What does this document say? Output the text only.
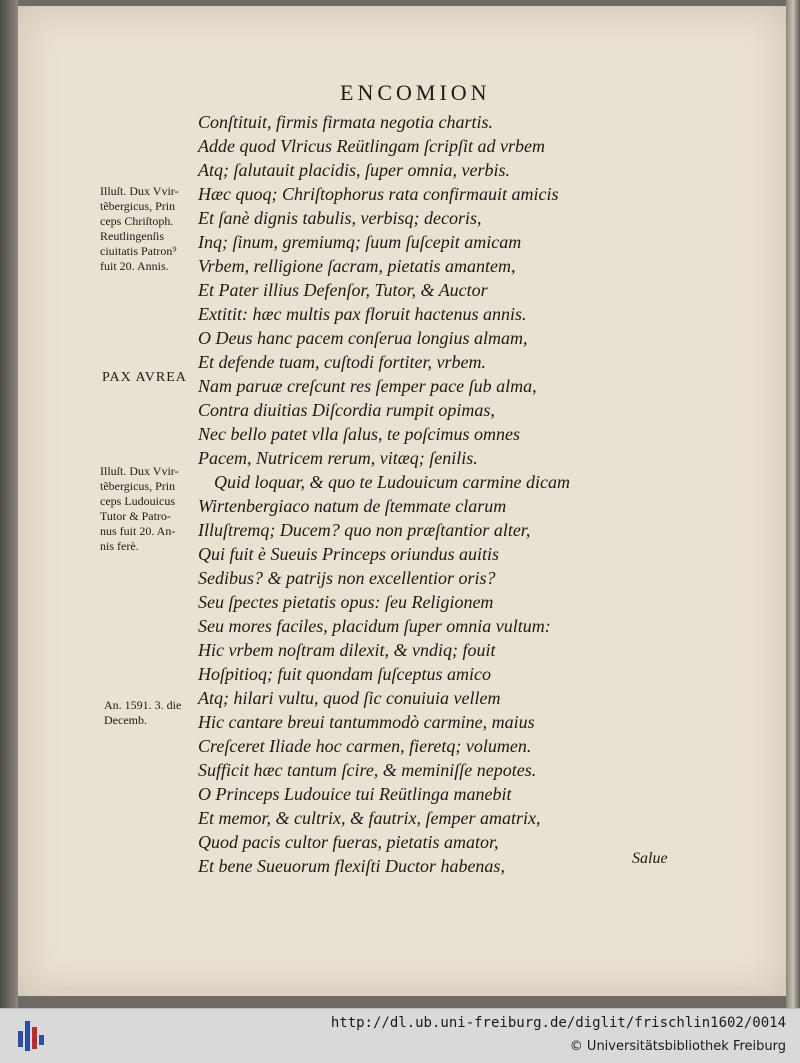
ENCOMION
Conſtituit, firmis firmata negotia chartis.
Adde quod Vlricus Reütlingam ſcripſit ad vrbem
Atq; ſalutauit placidis, ſuper omnia, verbis.
Hæc quoq; Chriſtophorus rata confirmauit amicis
Et ſanè dignis tabulis, verbisq; decoris,
Inq; ſinum, gremiumq; ſuum ſuſcepit amicam
Vrbem, relligione ſacram, pietatis amantem,
Et Pater illius Defenſor, Tutor, & Auctor
Extitit: hæc multis pax floruit hactenus annis.
O Deus hanc pacem conſerua longius almam,
Et defende tuam, cuſtodi fortiter, vrbem.
Nam paruæ creſcunt res ſemper pace ſub alma,
Contra diuitias Diſcordia rumpit opimas,
Nec bello patet vlla ſalus, te poſcimus omnes
Pacem, Nutricem rerum, vitæq; ſenilis.
Quid loquar, & quo te Ludouicum carmine dicam
Wirtenbergiaco natum de ſtemmate clarum
Illuſtremq; Ducem? quo non præſtantior alter,
Qui fuit è Sueuis Princeps oriundus auitis
Sedibus? & patrijs non excellentior oris?
Seu ſpectes pietatis opus: ſeu Religionem
Seu mores faciles, placidum ſuper omnia vultum:
Hic vrbem noſtram dilexit, & vndiq; fouit
Hoſpitioq; fuit quondam ſuſceptus amico
Atq; hilari vultu, quod ſic conuiuia vellem
Hic cantare breui tantummodò carmine, maius
Creſceret Iliade hoc carmen, fieretq; volumen.
Sufficit hæc tantum ſcire, & meminiſſe nepotes.
O Princeps Ludouice tui Reütlinga manebit
Et memor, & cultrix, & fautrix, ſemper amatrix,
Quod pacis cultor fueras, pietatis amator,
Et bene Sueuorum flexiſti Ductor habenas,
Illuſt. Dux Vvir-
tẽbergicus, Prin
ceps Chriſtoph.
Reutlingenſis
ciuitatis Patron⁹
fuit 20. Annis.
PAX AVREA
Illuſt. Dux Vvir-
tẽbergicus, Prin
ceps Ludouicus
Tutor & Patro-
nus fuit 20. An-
nis ferè.
An. 1591. 3. die
Decemb.
Salue
http://dl.ub.uni-freiburg.de/diglit/frischlin1602/0014
© Universitätsbibliothek Freiburg
